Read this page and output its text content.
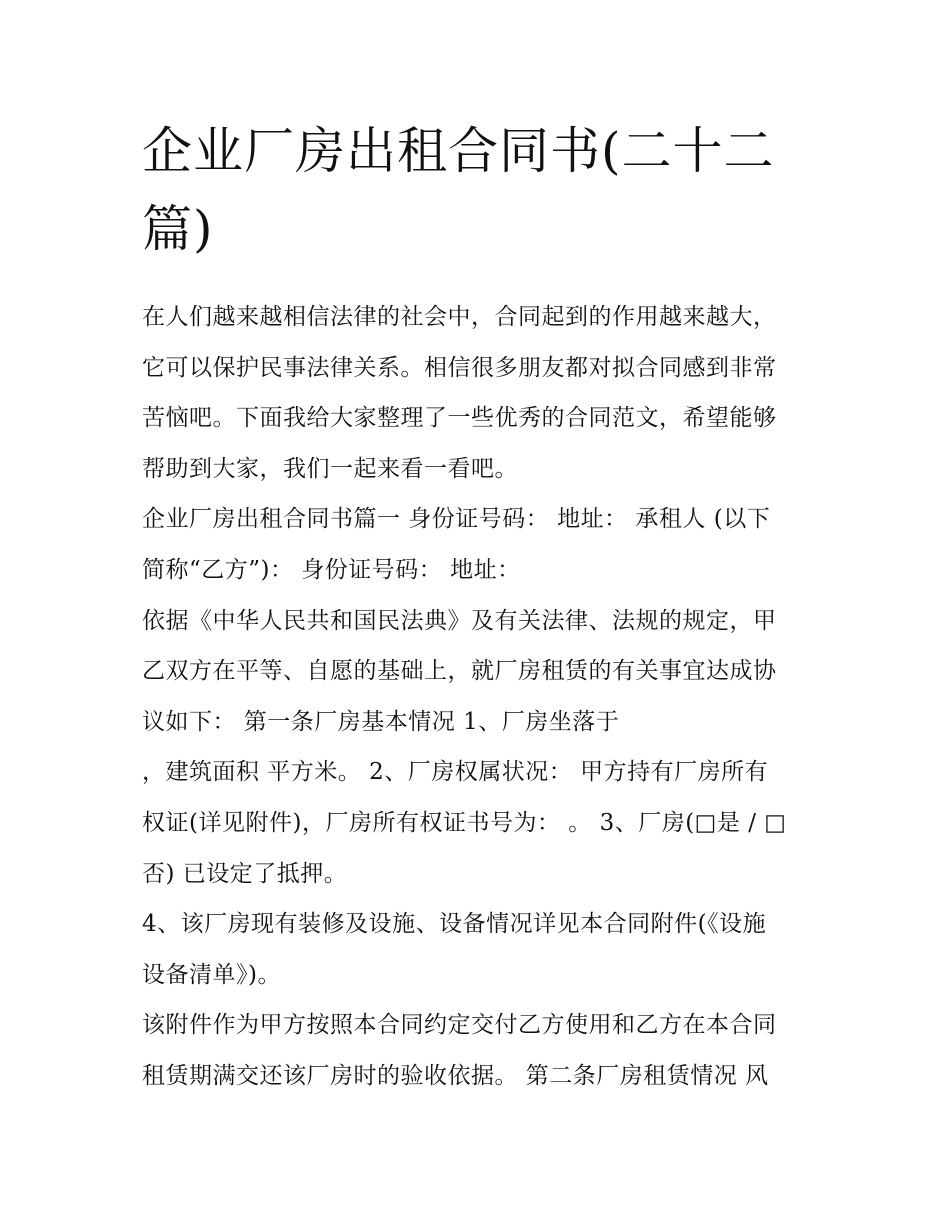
企业厂房出租合同书(二十二
篇)

在人们越来越相信法律的社会中，合同起到的作用越来越大，
它可以保护民事法律关系。相信很多朋友都对拟合同感到非常
苦恼吧。下面我给大家整理了一些优秀的合同范文，希望能够
帮助到大家，我们一起来看一看吧。

企业厂房出租合同书篇一 身份证号码： 地址： 承租人 (以下
简称“乙方”)： 身份证号码： 地址：

依据《中华人民共和国民法典》及有关法律、法规的规定，甲
乙双方在平等、自愿的基础上，就厂房租赁的有关事宜达成协
议如下： 第一条厂房基本情况 1、厂房坐落于
，建筑面积 平方米。 2、厂房权属状况： 甲方持有厂房所有
权证(详见附件)，厂房所有权证书号为： 。 3、厂房(□是 / □
否) 已设定了抵押。

4、该厂房现有装修及设施、设备情况详见本合同附件(《设施
设备清单》)。

该附件作为甲方按照本合同约定交付乙方使用和乙方在本合同
租赁期满交还该厂房时的验收依据。 第二条厂房租赁情况 风
